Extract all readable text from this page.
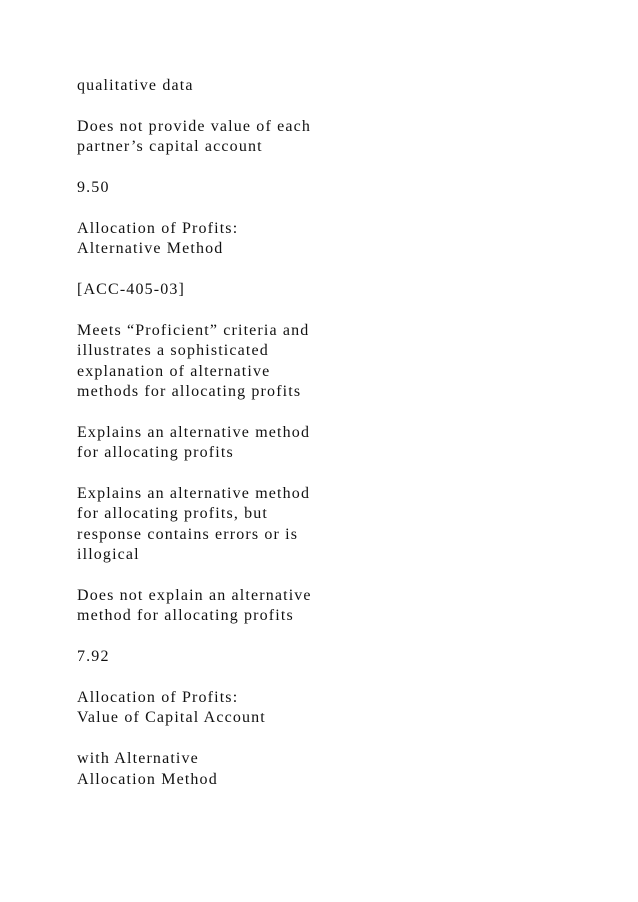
qualitative data

Does not provide value of each
partner’s capital account

9.50

Allocation of Profits:
Alternative Method

[ACC-405-03]

Meets “Proficient” criteria and
illustrates a sophisticated
explanation of alternative
methods for allocating profits

Explains an alternative method
for allocating profits

Explains an alternative method
for allocating profits, but
response contains errors or is
illogical

Does not explain an alternative
method for allocating profits

7.92

Allocation of Profits:
Value of Capital Account

with Alternative
Allocation Method
